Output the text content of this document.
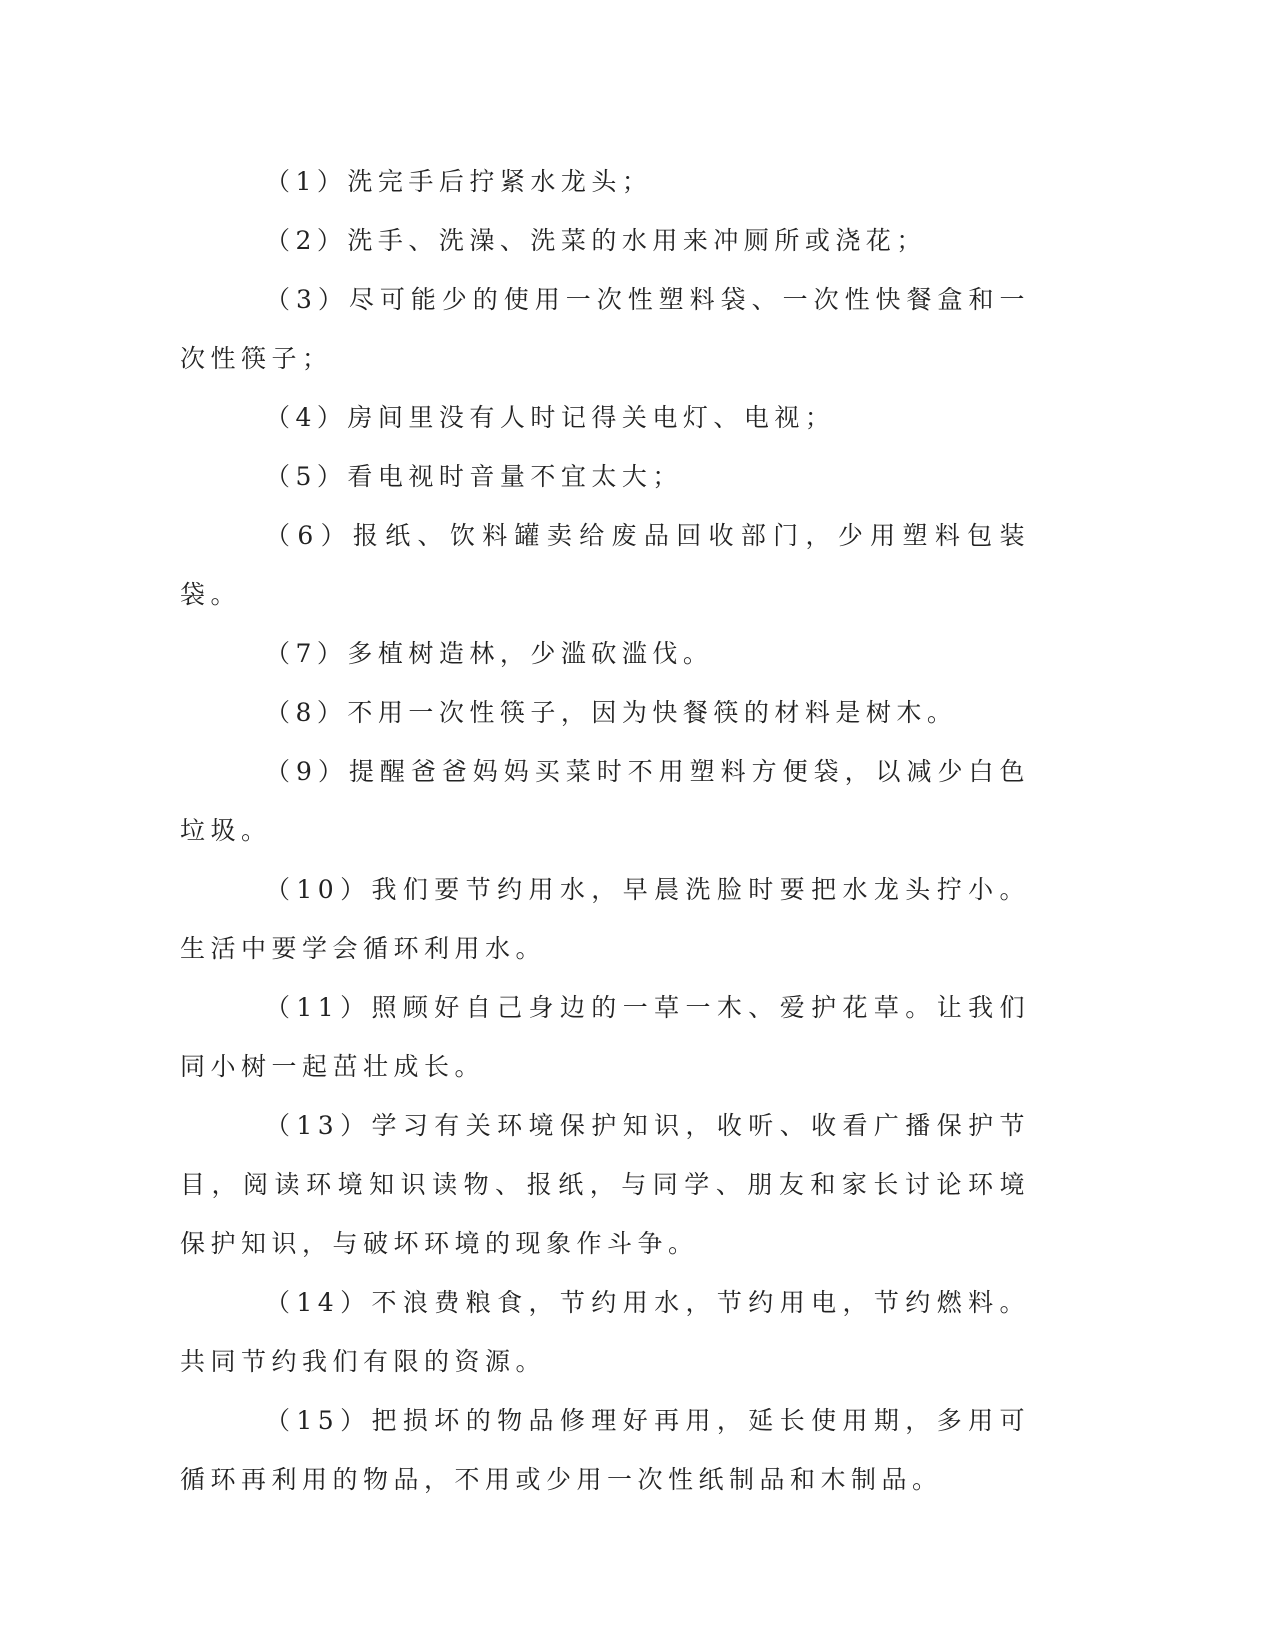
（1）洗完手后拧紧水龙头；

（2）洗手、洗澡、洗菜的水用来冲厕所或浇花；

（3）尽可能少的使用一次性塑料袋、一次性快餐盒和一次性筷子；

（4）房间里没有人时记得关电灯、电视；

（5）看电视时音量不宜太大；

（6）报纸、饮料罐卖给废品回收部门，少用塑料包装袋。

（7）多植树造林，少滥砍滥伐。

（8）不用一次性筷子，因为快餐筷的材料是树木。

（9）提醒爸爸妈妈买菜时不用塑料方便袋，以减少白色垃圾。

（10）我们要节约用水，早晨洗脸时要把水龙头拧小。生活中要学会循环利用水。

（11）照顾好自己身边的一草一木、爱护花草。让我们同小树一起茁壮成长。

（13）学习有关环境保护知识，收听、收看广播保护节目，阅读环境知识读物、报纸，与同学、朋友和家长讨论环境保护知识，与破坏环境的现象作斗争。

（14）不浪费粮食，节约用水，节约用电，节约燃料。共同节约我们有限的资源。

（15）把损坏的物品修理好再用，延长使用期，多用可循环再利用的物品，不用或少用一次性纸制品和木制品。
